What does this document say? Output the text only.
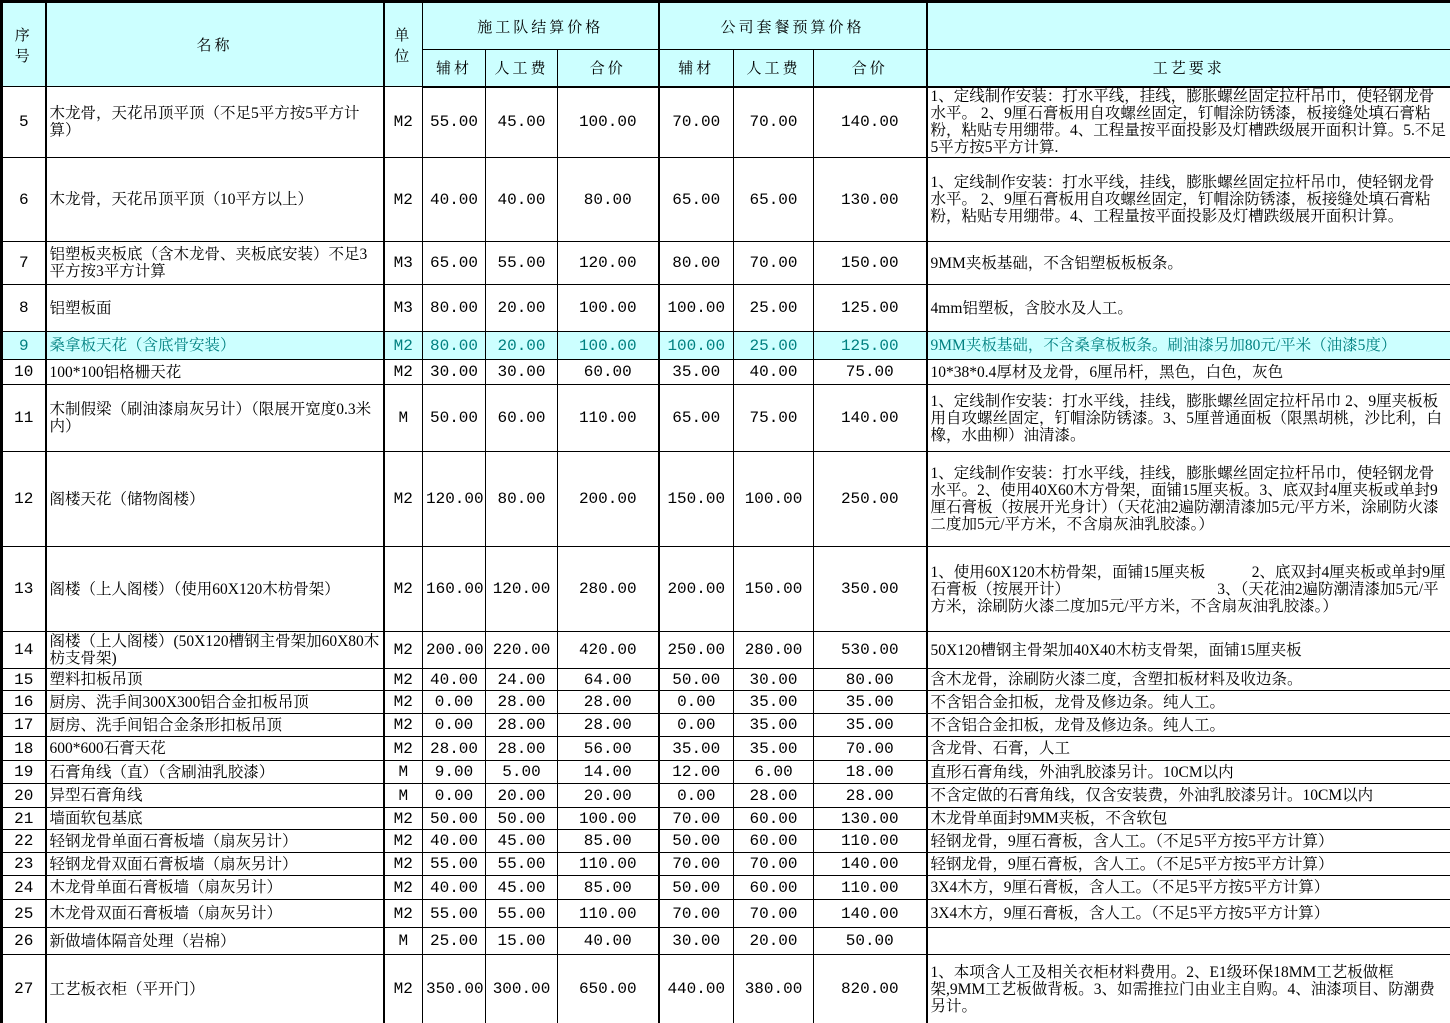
序号	名称	单位	施工队结算价格			公司套餐预算价格			
			辅材	人工费	合价	辅材	人工费	合价	工艺要求
5	木龙骨，天花吊顶平顶（不足5平方按5平方计算）	M2	55.00	45.00	100.00	70.00	70.00	140.00	1、定线制作安装：打水平线，挂线，膨胀螺丝固定拉杆吊巾，使轻钢龙骨水平。 2、9厘石膏板用自攻螺丝固定，钉帽涂防锈漆，板接缝处填石膏粘粉，粘贴专用绷带。4、工程量按平面投影及灯槽跌级展开面积计算。5.不足5平方按5平方计算.
6	木龙骨，天花吊顶平顶（10平方以上）	M2	40.00	40.00	80.00	65.00	65.00	130.00	1、定线制作安装：打水平线，挂线，膨胀螺丝固定拉杆吊巾，使轻钢龙骨水平。 2、9厘石膏板用自攻螺丝固定，钉帽涂防锈漆，板接缝处填石膏粘粉，粘贴专用绷带。4、工程量按平面投影及灯槽跌级展开面积计算。
7	铝塑板夹板底（含木龙骨、夹板底安装）不足3平方按3平方计算	M3	65.00	55.00	120.00	80.00	70.00	150.00	9MM夹板基础，不含铝塑板板板条。
8	铝塑板面	M3	80.00	20.00	100.00	100.00	25.00	125.00	4mm铝塑板，含胶水及人工。
9	桑拿板天花（含底骨安装）	M2	80.00	20.00	100.00	100.00	25.00	125.00	9MM夹板基础，不含桑拿板板条。刷油漆另加80元/平米（油漆5度）
10	100*100铝格栅天花	M2	30.00	30.00	60.00	35.00	40.00	75.00	10*38*0.4厚材及龙骨，6厘吊杆，黑色，白色，灰色
11	木制假梁（刷油漆扇灰另计）（限展开宽度0.3米内）	M	50.00	60.00	110.00	65.00	75.00	140.00	1、定线制作安装：打水平线，挂线，膨胀螺丝固定拉杆吊巾 2、9厘夹板板用自攻螺丝固定，钉帽涂防锈漆。3、5厘普通面板（限黑胡桃，沙比利，白橡，水曲柳）油清漆。
12	阁楼天花（储物阁楼）	M2	120.00	80.00	200.00	150.00	100.00	250.00	1、定线制作安装：打水平线，挂线，膨胀螺丝固定拉杆吊巾，使轻钢龙骨水平。2、使用40X60木方骨架，面铺15厘夹板。3、底双封4厘夹板或单封9厘石膏板（按展开光身计）（天花油2遍防潮清漆加5元/平方米，涂刷防火漆二度加5元/平方米，不含扇灰油乳胶漆。）
13	阁楼（上人阁楼）（使用60X120木枋骨架）	M2	160.00	120.00	280.00	200.00	150.00	350.00	1、使用60X120木枋骨架，面铺15厘夹板　　　2、底双封4厘夹板或单封9厘石膏板（按展开计）　　　　　　　　　　3、（天花油2遍防潮清漆加5元/平方米，涂刷防火漆二度加5元/平方米，不含扇灰油乳胶漆。）
14	阁楼（上人阁楼）(50X120槽钢主骨架加60X80木枋支骨架)	M2	200.00	220.00	420.00	250.00	280.00	530.00	50X120槽钢主骨架加40X40木枋支骨架，面铺15厘夹板
15	塑料扣板吊顶	M2	40.00	24.00	64.00	50.00	30.00	80.00	含木龙骨，涂刷防火漆二度，含塑扣板材料及收边条。
16	厨房、洗手间300X300铝合金扣板吊顶	M2	0.00	28.00	28.00	0.00	35.00	35.00	不含铝合金扣板，龙骨及修边条。纯人工。
17	厨房、洗手间铝合金条形扣板吊顶	M2	0.00	28.00	28.00	0.00	35.00	35.00	不含铝合金扣板，龙骨及修边条。纯人工。
18	600*600石膏天花	M2	28.00	28.00	56.00	35.00	35.00	70.00	含龙骨、石膏，人工
19	石膏角线（直）（含刷油乳胶漆）	M	9.00	5.00	14.00	12.00	6.00	18.00	直形石膏角线，外油乳胶漆另计。10CM以内
20	异型石膏角线	M	0.00	20.00	20.00	0.00	28.00	28.00	不含定做的石膏角线，仅含安装费，外油乳胶漆另计。10CM以内
21	墙面软包基底	M2	50.00	50.00	100.00	70.00	60.00	130.00	木龙骨单面封9MM夹板，不含软包
22	轻钢龙骨单面石膏板墙（扇灰另计）	M2	40.00	45.00	85.00	50.00	60.00	110.00	轻钢龙骨，9厘石膏板，含人工。（不足5平方按5平方计算）
23	轻钢龙骨双面石膏板墙（扇灰另计）	M2	55.00	55.00	110.00	70.00	70.00	140.00	轻钢龙骨，9厘石膏板，含人工。（不足5平方按5平方计算）
24	木龙骨单面石膏板墙（扇灰另计）	M2	40.00	45.00	85.00	50.00	60.00	110.00	3X4木方，9厘石膏板，含人工。（不足5平方按5平方计算）
25	木龙骨双面石膏板墙（扇灰另计）	M2	55.00	55.00	110.00	70.00	70.00	140.00	3X4木方，9厘石膏板，含人工。（不足5平方按5平方计算）
26	新做墙体隔音处理（岩棉）	M	25.00	15.00	40.00	30.00	20.00	50.00	
27	工艺板衣柜（平开门）	M2	350.00	300.00	650.00	440.00	380.00	820.00	1、本项含人工及相关衣柜材料费用。2、E1级环保18MM工艺板做框架,9MM工艺板做背板。3、如需推拉门由业主自购。4、油漆项目、防潮费另计。
